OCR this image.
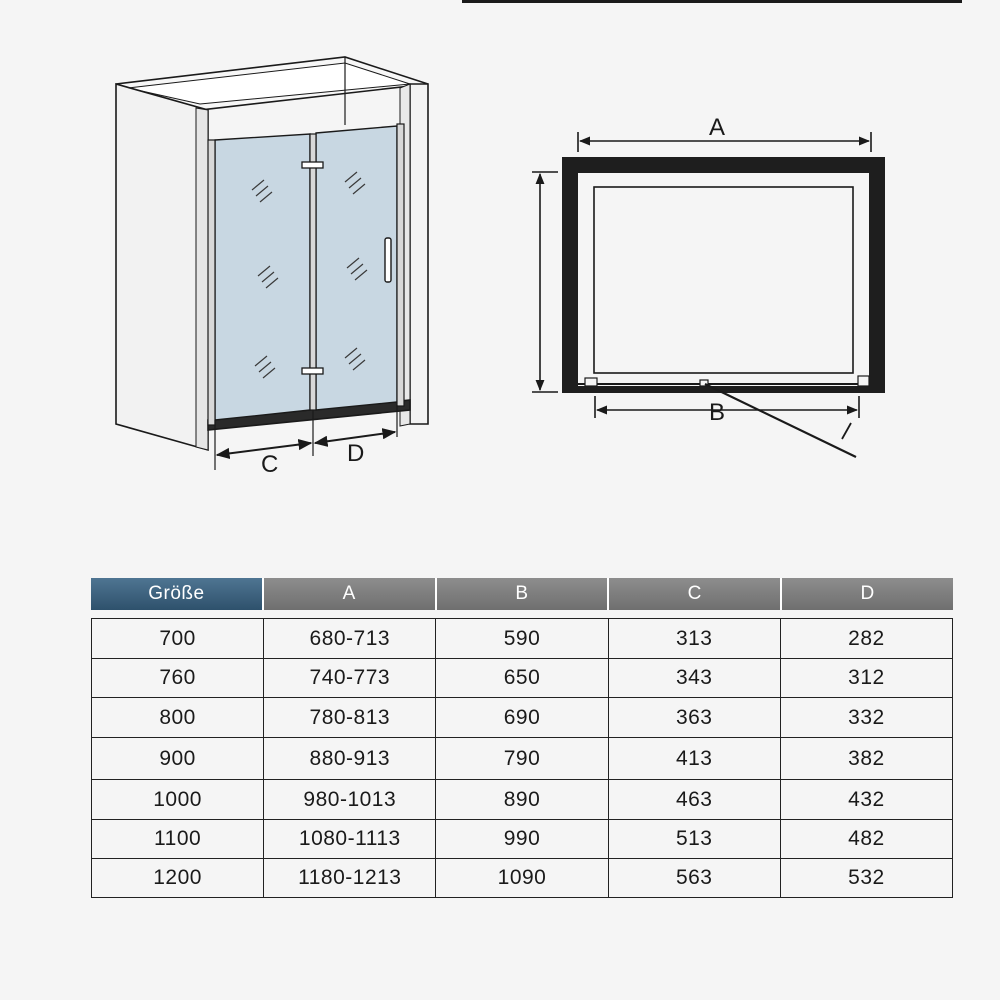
C	D
A
B
Größe	A	B	C	D
700	680-713	590	313	282
760	740-773	650	343	312
800	780-813	690	363	332
900	880-913	790	413	382
1000	980-1013	890	463	432
1100	1080-1113	990	513	482
1200	1180-1213	1090	563	532
